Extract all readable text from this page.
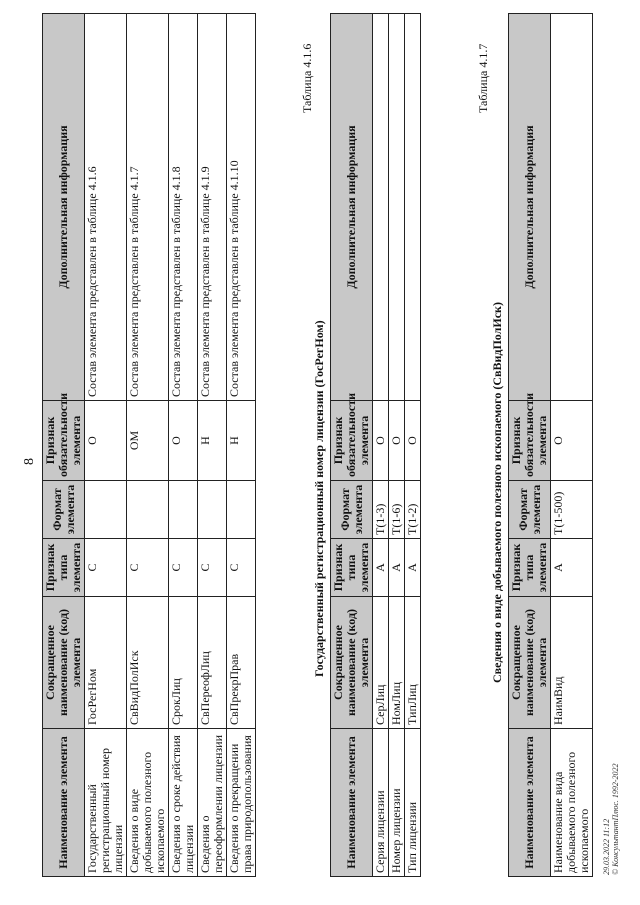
8
Наименование элемента	Сокращенное наименование (код) элемента	Признак типа элемента	Формат элемента	Признак обязательности элемента	Дополнительная информация
Государственный регистрационный номер лицензии	ГосРегНом	С		О	Состав элемента представлен в таблице 4.1.6
Сведения о виде добываемого полезного ископаемого	СвВидПолИск	С		ОМ	Состав элемента представлен в таблице 4.1.7
Сведения о сроке действия лицензии	СрокЛиц	С		О	Состав элемента представлен в таблице 4.1.8
Сведения о переоформлении лицензии	СвПереофЛиц	С		Н	Состав элемента представлен в таблице 4.1.9
Сведения о прекращении права природопользования	СвПрекрПрав	С		Н	Состав элемента представлен в таблице 4.1.10
Таблица 4.1.6
Государственный регистрационный номер лицензии (ГосРегНом)
Наименование элемента	Сокращенное наименование (код) элемента	Признак типа элемента	Формат элемента	Признак обязательности элемента	Дополнительная информация
Серия лицензии	СерЛиц	А	Т(1-3)	О	
Номер лицензии	НомЛиц	А	Т(1-6)	О	
Тип лицензии	ТипЛиц	А	Т(1-2)	О	
Таблица 4.1.7
Сведения о виде добываемого полезного ископаемого (СвВидПолИск)
Наименование элемента	Сокращенное наименование (код) элемента	Признак типа элемента	Формат элемента	Признак обязательности элемента	Дополнительная информация
Наименование вида добываемого полезного ископаемого	НаимВид	А	Т(1-500)	О	
29.03.2022 11:12 © КонсультантПлюс. 1992-2022
